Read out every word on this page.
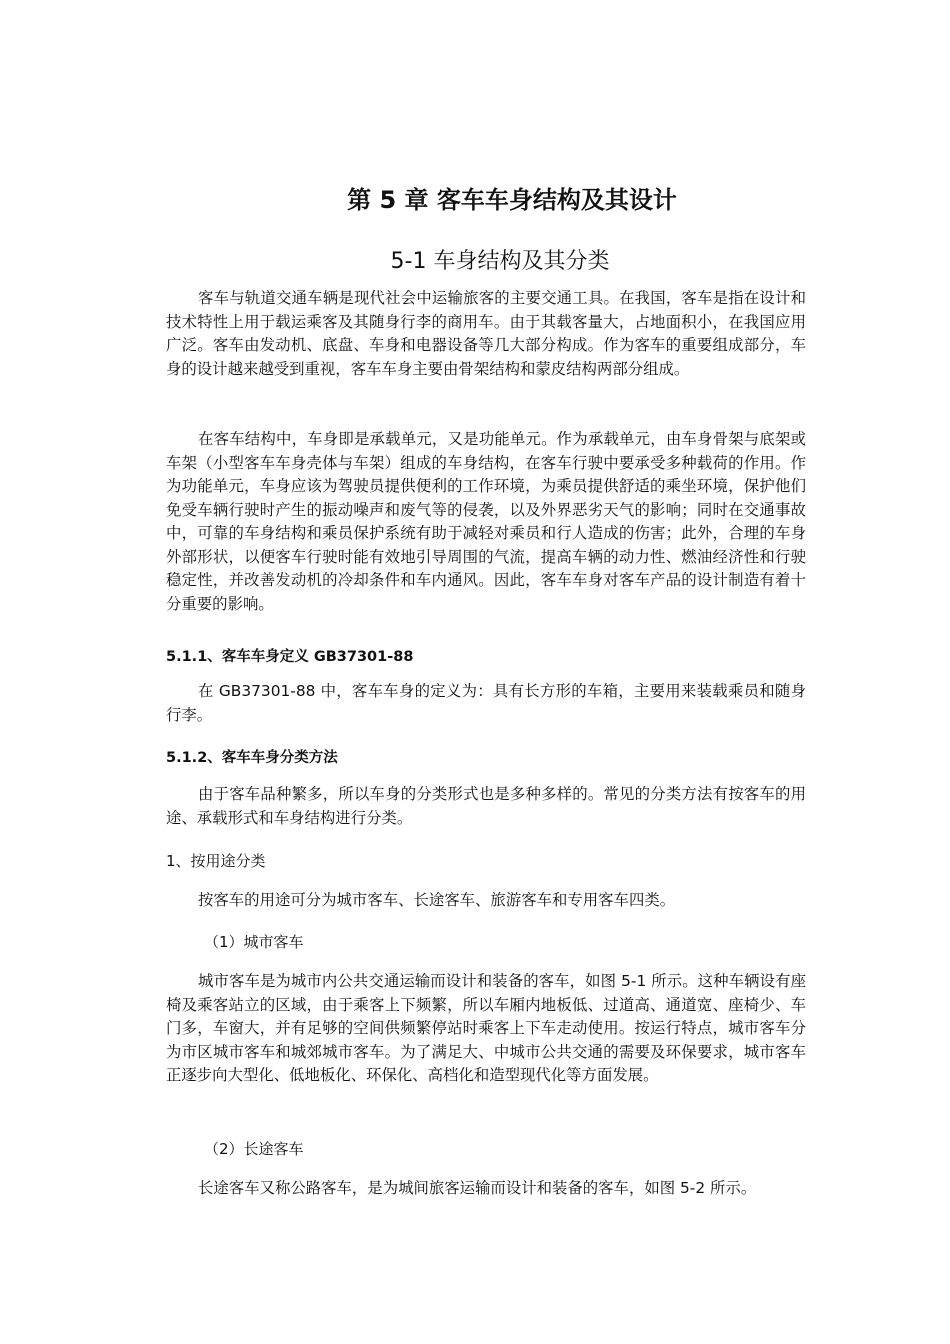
第 5 章 客车车身结构及其设计
5-1 车身结构及其分类

客车与轨道交通车辆是现代社会中运输旅客的主要交通工具。在我国，客车是指在设计和技术特性上用于载运乘客及其随身行李的商用车。由于其载客量大，占地面积小，在我国应用广泛。客车由发动机、底盘、车身和电器设备等几大部分构成。作为客车的重要组成部分，车身的设计越来越受到重视，客车车身主要由骨架结构和蒙皮结构两部分组成。

在客车结构中，车身即是承载单元，又是功能单元。作为承载单元，由车身骨架与底架或车架（小型客车车身壳体与车架）组成的车身结构，在客车行驶中要承受多种载荷的作用。作为功能单元，车身应该为驾驶员提供便利的工作环境，为乘员提供舒适的乘坐环境，保护他们免受车辆行驶时产生的振动噪声和废气等的侵袭，以及外界恶劣天气的影响；同时在交通事故中，可靠的车身结构和乘员保护系统有助于减轻对乘员和行人造成的伤害；此外，合理的车身外部形状，以便客车行驶时能有效地引导周围的气流，提高车辆的动力性、燃油经济性和行驶稳定性，并改善发动机的冷却条件和车内通风。因此，客车车身对客车产品的设计制造有着十分重要的影响。

5.1.1、客车车身定义 GB37301-88

在 GB37301-88 中，客车车身的定义为：具有长方形的车箱，主要用来装载乘员和随身行李。

5.1.2、客车车身分类方法

由于客车品种繁多，所以车身的分类形式也是多种多样的。常见的分类方法有按客车的用途、承载形式和车身结构进行分类。

1、按用途分类

按客车的用途可分为城市客车、长途客车、旅游客车和专用客车四类。

（1）城市客车

城市客车是为城市内公共交通运输而设计和装备的客车，如图 5-1 所示。这种车辆设有座椅及乘客站立的区域，由于乘客上下频繁，所以车厢内地板低、过道高、通道宽、座椅少、车门多，车窗大，并有足够的空间供频繁停站时乘客上下车走动使用。按运行特点，城市客车分为市区城市客车和城郊城市客车。为了满足大、中城市公共交通的需要及环保要求，城市客车正逐步向大型化、低地板化、环保化、高档化和造型现代化等方面发展。

（2）长途客车

长途客车又称公路客车，是为城间旅客运输而设计和装备的客车，如图 5-2 所示。
